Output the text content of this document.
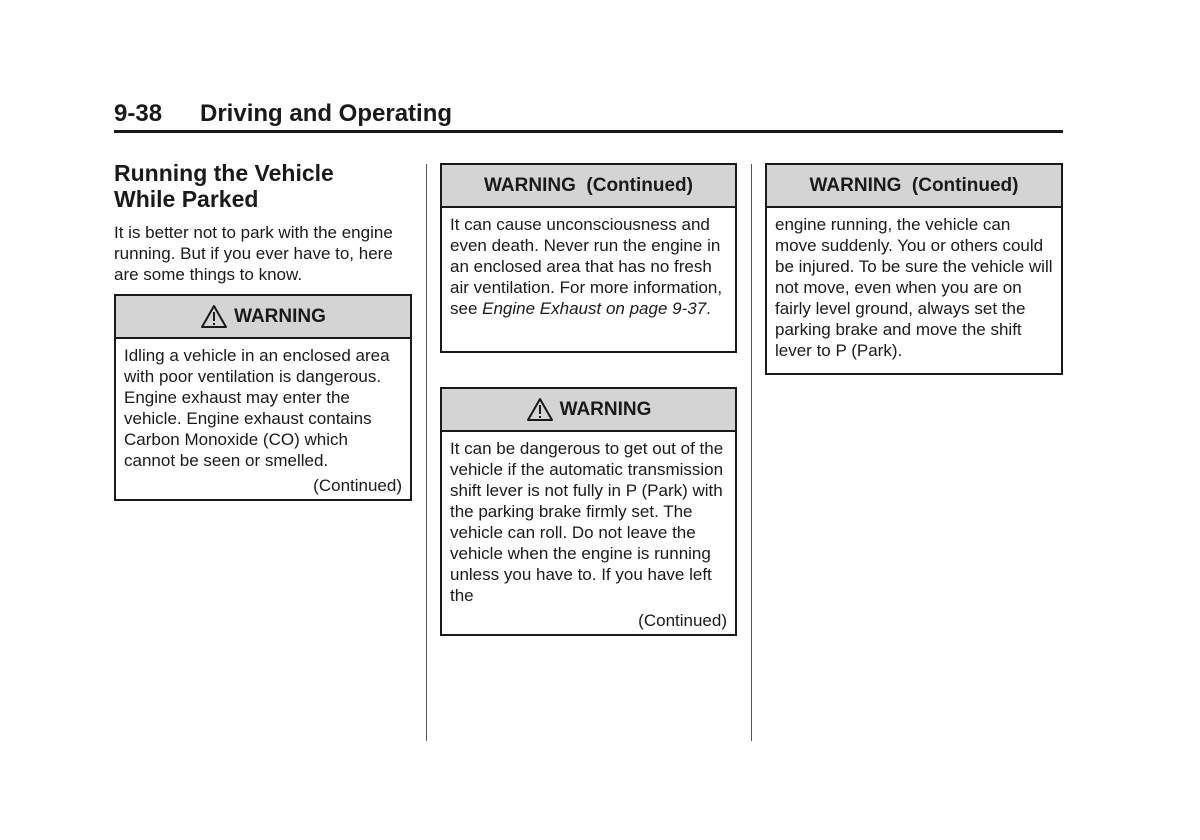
9-38 Driving and Operating
Running the Vehicle
While Parked
It is better not to park with the engine running. But if you ever have to, here are some things to know.
WARNING
Idling a vehicle in an enclosed area with poor ventilation is dangerous. Engine exhaust may enter the vehicle. Engine exhaust contains Carbon Monoxide (CO) which cannot be seen or smelled.
(Continued)
WARNING  (Continued)
It can cause unconsciousness and even death. Never run the engine in an enclosed area that has no fresh air ventilation. For more information, see Engine Exhaust on page 9-37.
WARNING
It can be dangerous to get out of the vehicle if the automatic transmission shift lever is not fully in P (Park) with the parking brake firmly set. The vehicle can roll. Do not leave the vehicle when the engine is running unless you have to. If you have left the
(Continued)
WARNING  (Continued)
engine running, the vehicle can move suddenly. You or others could be injured. To be sure the vehicle will not move, even when you are on fairly level ground, always set the parking brake and move the shift lever to P (Park).
